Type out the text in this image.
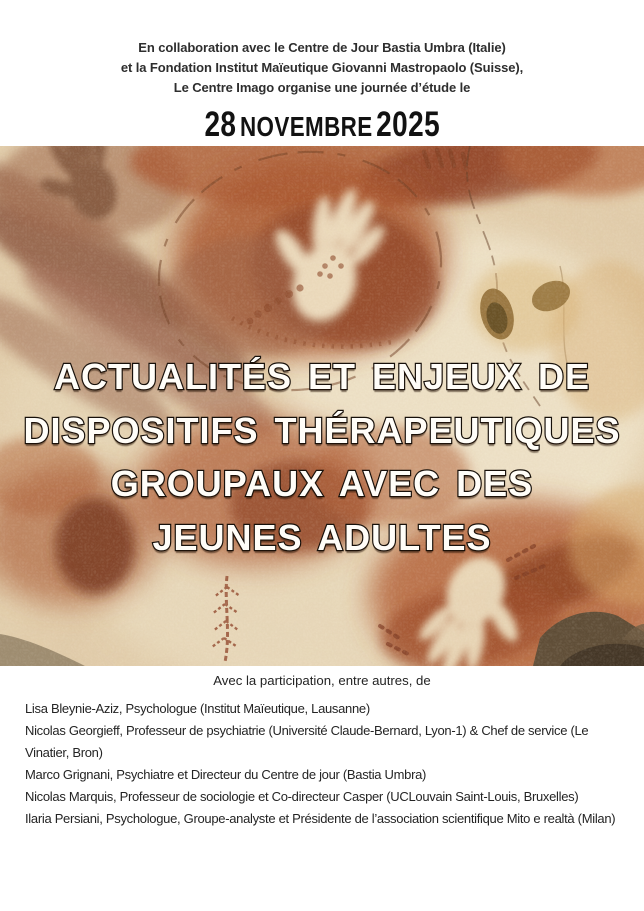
En collaboration avec le Centre de Jour Bastia Umbra (Italie)

et la Fondation Institut Maïeutique Giovanni Mastropaolo (Suisse),

Le Centre Imago organise une journée d’étude le

28 NOVEMBRE 2025
ACTUALITÉS ET ENJEUX DE
DISPOSITIFS THÉRAPEUTIQUES
GROUPAUX AVEC DES
JEUNES ADULTES

Avec la participation, entre autres, de

Lisa Bleynie-Aziz, Psychologue (Institut Maïeutique, Lausanne)

Nicolas Georgieff, Professeur de psychiatrie (Université Claude-Bernard, Lyon-1) & Chef de service (Le Vinatier, Bron)

Marco Grignani, Psychiatre et Directeur du Centre de jour (Bastia Umbra)

Nicolas Marquis, Professeur de sociologie et Co-directeur Casper (UCLouvain Saint-Louis, Bruxelles)

Ilaria Persiani, Psychologue, Groupe-analyste et Présidente de l’association scientifique Mito e realtà (Milan)
